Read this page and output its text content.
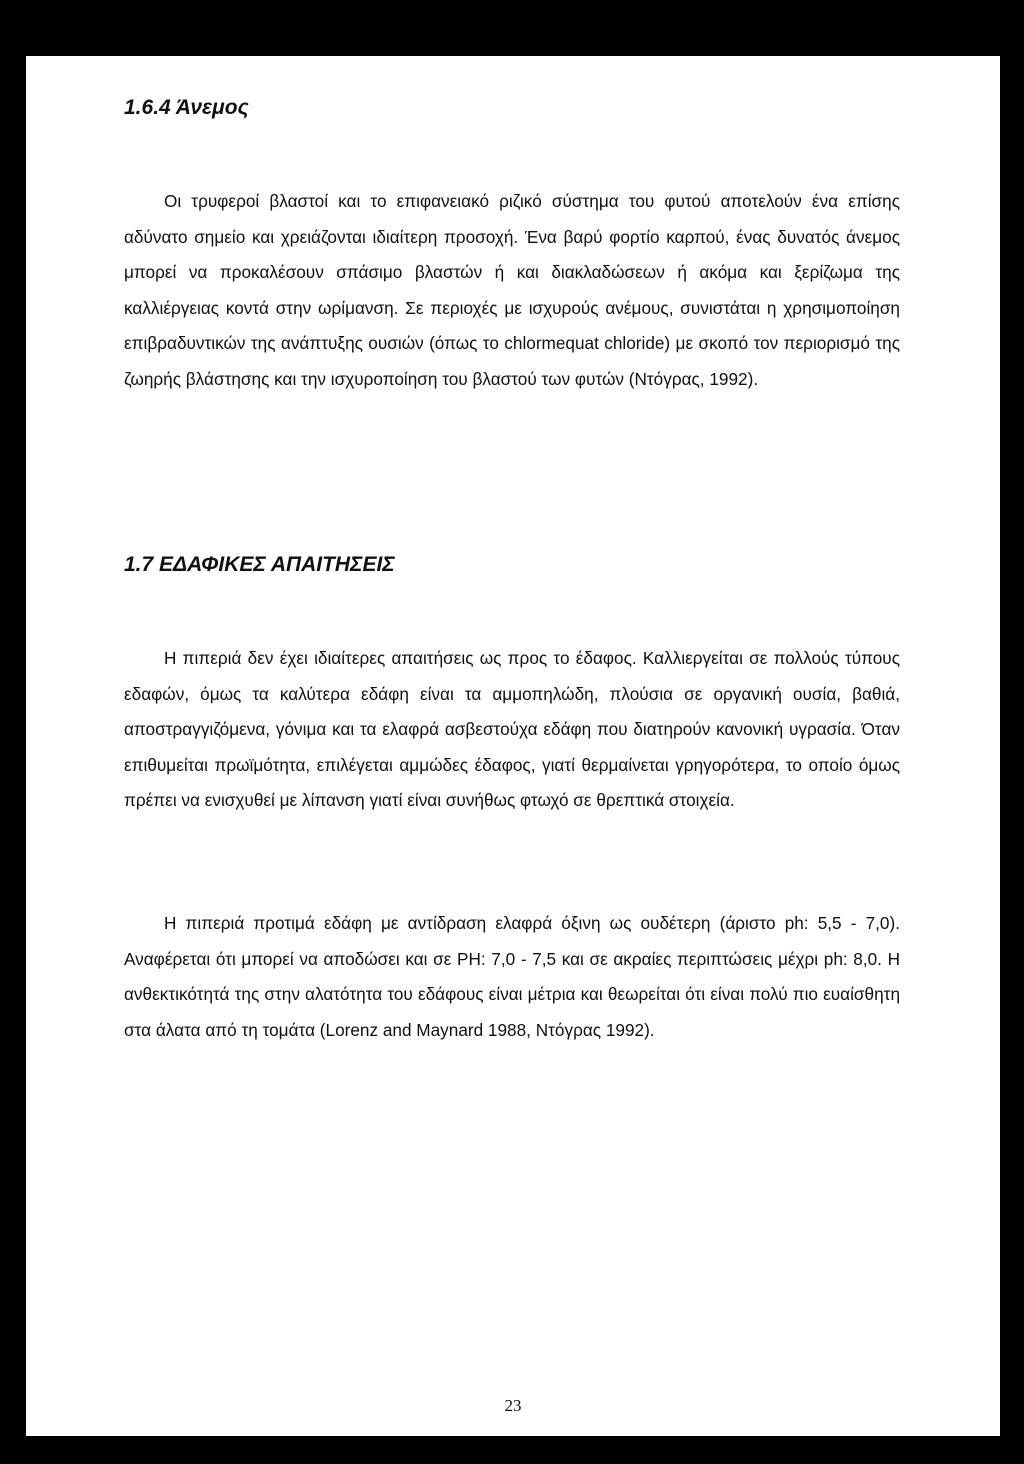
1.6.4 Άνεμος

Οι τρυφεροί βλαστοί και το επιφανειακό ριζικό σύστημα του φυτού αποτελούν ένα επίσης αδύνατο σημείο και χρειάζονται ιδιαίτερη προσοχή. Ένα βαρύ φορτίο καρπού, ένας δυνατός άνεμος μπορεί να προκαλέσουν σπάσιμο βλαστών ή και διακλαδώσεων ή ακόμα και ξερίζωμα της καλλιέργειας κοντά στην ωρίμανση. Σε περιοχές με ισχυρούς ανέμους, συνιστάται η χρησιμοποίηση επιβραδυντικών της ανάπτυξης ουσιών (όπως το chlormequat chloride) με σκοπό τον περιορισμό της ζωηρής βλάστησης και την ισχυροποίηση του βλαστού των φυτών (Ντόγρας, 1992).

1.7 ΕΔΑΦΙΚΕΣ ΑΠΑΙΤΗΣΕΙΣ

Η πιπεριά δεν έχει ιδιαίτερες απαιτήσεις ως προς το έδαφος. Καλλιεργείται σε πολλούς τύπους εδαφών, όμως τα καλύτερα εδάφη είναι τα αμμοπηλώδη, πλούσια σε οργανική ουσία, βαθιά, αποστραγγιζόμενα, γόνιμα και τα ελαφρά ασβεστούχα εδάφη που διατηρούν κανονική υγρασία. Όταν επιθυμείται πρωϊμότητα, επιλέγεται αμμώδες έδαφος, γιατί θερμαίνεται γρηγορότερα, το οποίο όμως πρέπει να ενισχυθεί με λίπανση γιατί είναι συνήθως φτωχό σε θρεπτικά στοιχεία.

Η πιπεριά προτιμά εδάφη με αντίδραση ελαφρά όξινη ως ουδέτερη (άριστο ph: 5,5 - 7,0). Αναφέρεται ότι μπορεί να αποδώσει και σε PH: 7,0 - 7,5 και σε ακραίες περιπτώσεις μέχρι ph: 8,0. Η ανθεκτικότητά της στην αλατότητα του εδάφους είναι μέτρια και θεωρείται ότι είναι πολύ πιο ευαίσθητη στα άλατα από τη τομάτα (Lorenz and Maynard 1988, Ντόγρας 1992).

23
